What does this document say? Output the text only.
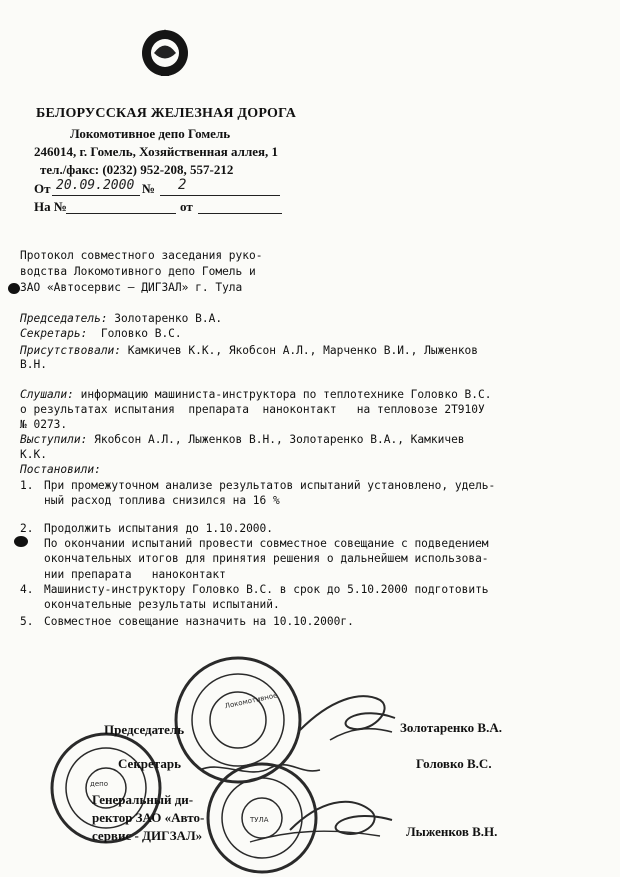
БЕЛОРУССКАЯ ЖЕЛЕЗНАЯ ДОРОГА
Локомотивное депо Гомель
246014, г. Гомель, Хозяйственная аллея, 1
тел./факс: (0232) 952-208, 557-212
От 20.09.2000 № 2
На №	от
Протокол совместного заседания руко-
водства Локомотивного депо Гомель и
ЗАО «Автосервис – ДИГЗАЛ» г. Тула
Председатель: Золотаренко В.А.
Секретарь:  Головко В.С.
Присутствовали: Камкичев К.К., Якобсон А.Л., Марченко В.И., Лыженков
В.Н.
Слушали: информацию машиниста-инструктора по теплотехнике Головко В.С.
о результатах испытания  препарата  наноконтакт   на тепловозе 2Т910У
№ 0273.
Выступили: Якобсон А.Л., Лыженков В.Н., Золотаренко В.А., Камкичев
К.К.
Постановили:
1. При промежуточном анализе результатов испытаний установлено, удель-
ный расход топлива снизился на 16 %
2. Продолжить испытания до 1.10.2000.
По окончании испытаний провести совместное совещание с подведением
окончательных итогов для принятия решения о дальнейшем использова-
нии препарата   наноконтакт
4. Машинисту-инструктору Головко В.С. в срок до 5.10.2000 подготовить
окончательные результаты испытаний.
5. Совместное совещание назначить на 10.10.2000г.
Локомотивное
депо
ТУЛА
Председатель	Золотаренко В.А.
Секретарь	Головко В.С.
Генеральный ди-
ректор ЗАО «Авто-
сервис - ДИГЗАЛ»	Лыженков В.Н.
